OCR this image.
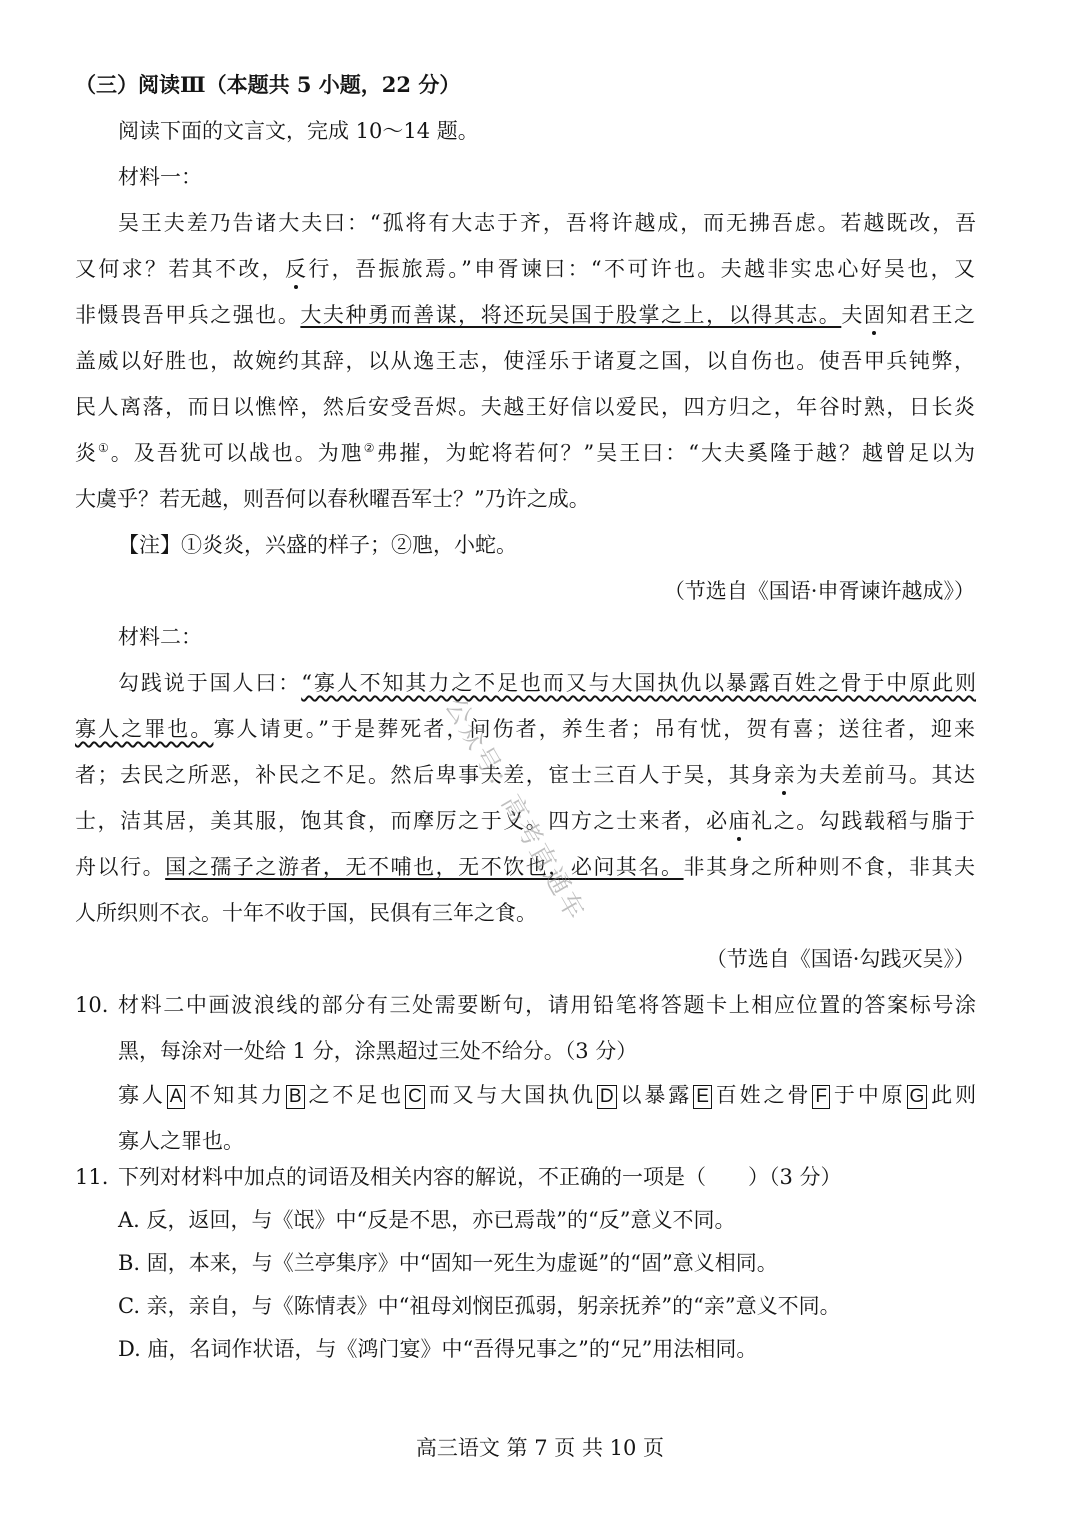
（三）阅读Ⅲ（本题共 5 小题，22 分）
阅读下面的文言文，完成 10～14 题。
材料一：
吴王夫差乃告诸大夫曰：“孤将有大志于齐，吾将许越成，而无拂吾虑。若越既改，吾
又何求？若其不改，反行，吾振旅焉。”申胥谏曰：“不可许也。夫越非实忠心好吴也，又
非慑畏吾甲兵之强也。大夫种勇而善谋，将还玩吴国于股掌之上，以得其志。夫固知君王之
盖威以好胜也，故婉约其辞，以从逸王志，使淫乐于诸夏之国，以自伤也。使吾甲兵钝弊，
民人离落，而日以憔悴，然后安受吾烬。夫越王好信以爱民，四方归之，年谷时熟，日长炎
炎①。及吾犹可以战也。为虺②弗摧，为蛇将若何？”吴王曰：“大夫奚隆于越？越曾足以为
大虞乎？若无越，则吾何以春秋曜吾军士？”乃许之成。
【注】①炎炎，兴盛的样子；②虺，小蛇。
（节选自《国语·申胥谏许越成》）
材料二：
勾践说于国人曰：“寡人不知其力之不足也而又与大国执仇以暴露百姓之骨于中原此则
寡人之罪也。寡人请更。”于是葬死者，问伤者，养生者；吊有忧，贺有喜；送往者，迎来
者；去民之所恶，补民之不足。然后卑事夫差，宦士三百人于吴，其身亲为夫差前马。其达
士，洁其居，美其服，饱其食，而摩厉之于义。四方之士来者，必庙礼之。勾践载稻与脂于
舟以行。国之孺子之游者，无不哺也，无不饮也，必问其名。非其身之所种则不食，非其夫
人所织则不衣。十年不收于国，民俱有三年之食。
（节选自《国语·勾践灭吴》）
10. 材料二中画波浪线的部分有三处需要断句，请用铅笔将答题卡上相应位置的答案标号涂
黑，每涂对一处给 1 分，涂黑超过三处不给分。（3 分）
寡人 A 不知其力 B 之不足也 C 而又与大国执仇 D 以暴露 E 百姓之骨 F 于中原 G 此则
寡人之罪也。
11. 下列对材料中加点的词语及相关内容的解说，不正确的一项是（　　）（3 分）
A. 反，返回，与《氓》中“反是不思，亦已焉哉”的“反”意义不同。
B. 固，本来，与《兰亭集序》中“固知一死生为虚诞”的“固”意义相同。
C. 亲，亲自，与《陈情表》中“祖母刘悯臣孤弱，躬亲抚养”的“亲”意义不同。
D. 庙，名词作状语，与《鸿门宴》中“吾得兄事之”的“兄”用法相同。
公众号：高考直通车
高三语文 第 7 页 共 10 页
